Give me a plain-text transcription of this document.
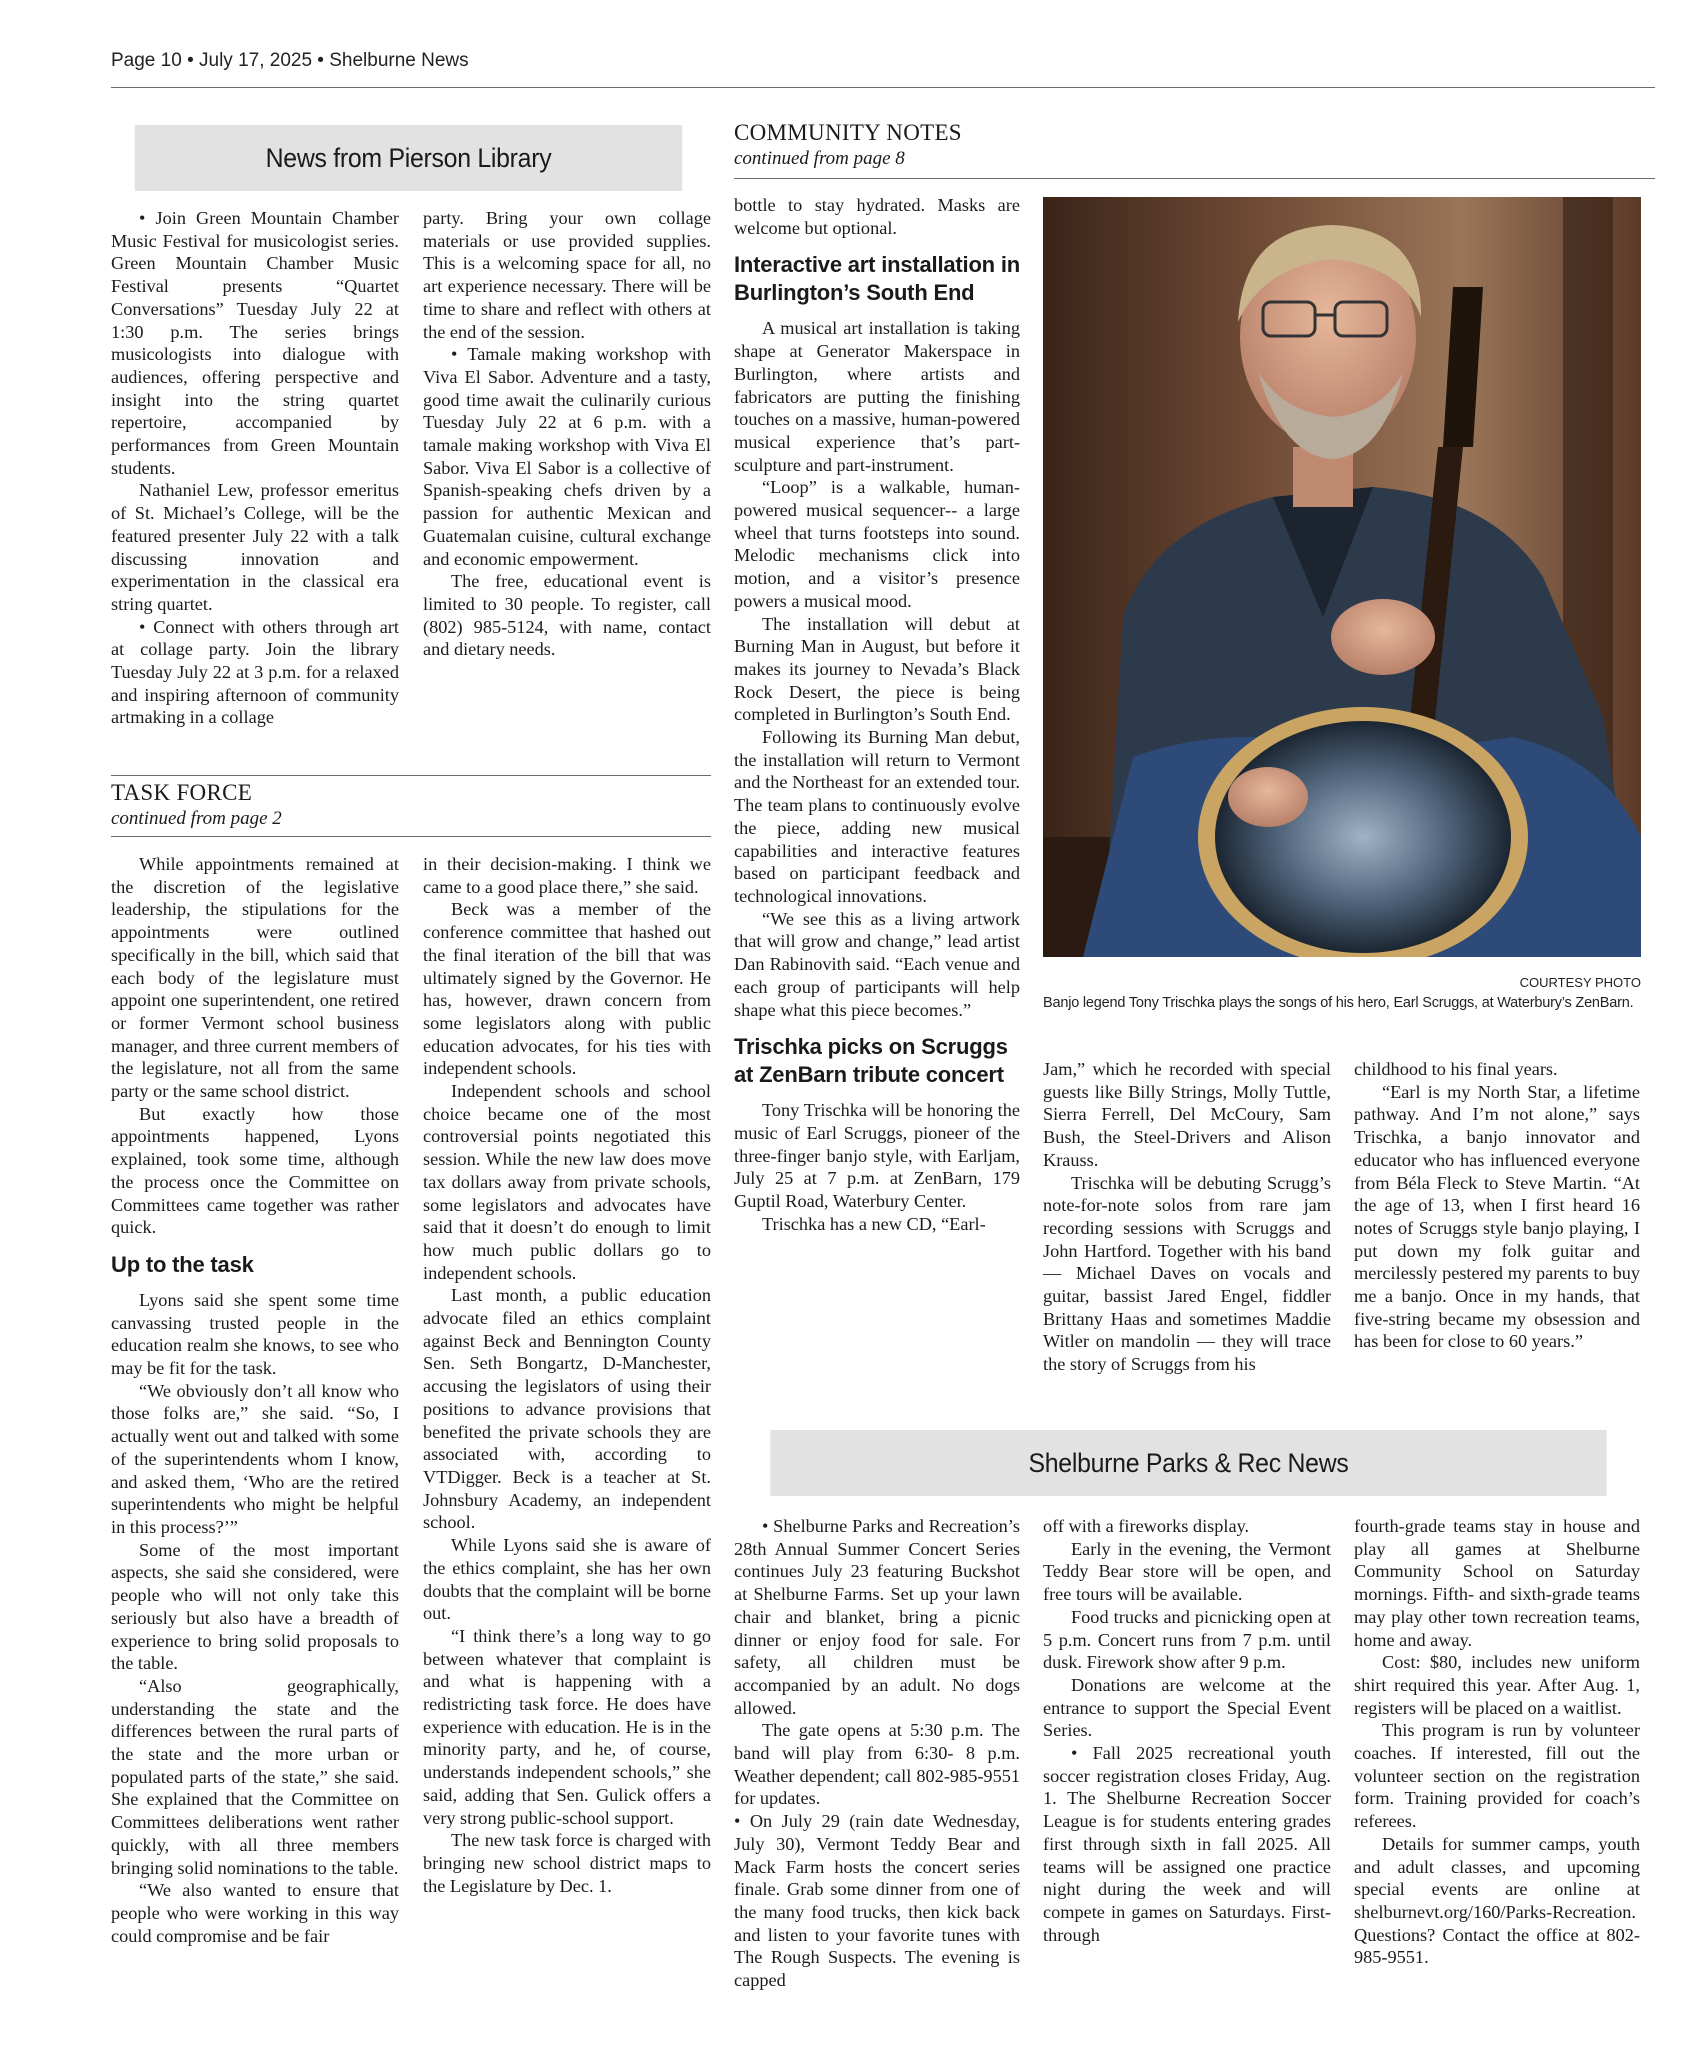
Page 10 • July 17, 2025 • Shelburne News
News from Pierson Library

• Join Green Mountain Chamber Music Festival for musicologist series. Green Mountain Chamber Music Festival presents “Quartet Conversations” Tuesday July 22 at 1:30 p.m. The series brings musicologists into dialogue with audiences, offering perspective and insight into the string quartet repertoire, accompanied by performances from Green Mountain students.

Nathaniel Lew, professor emeritus of St. Michael’s College, will be the featured presenter July 22 with a talk discussing innovation and experimentation in the classical era string quartet.

• Connect with others through art at collage party. Join the library Tuesday July 22 at 3 p.m. for a relaxed and inspiring afternoon of community artmaking in a collage

party. Bring your own collage materials or use provided supplies. This is a welcoming space for all, no art experience necessary. There will be time to share and reflect with others at the end of the session.

• Tamale making workshop with Viva El Sabor. Adventure and a tasty, good time await the culinarily curious Tuesday July 22 at 6 p.m. with a tamale making workshop with Viva El Sabor. Viva El Sabor is a collective of Spanish-speaking chefs driven by a passion for authentic Mexican and Guatemalan cuisine, cultural exchange and economic empowerment.

The free, educational event is limited to 30 people. To register, call (802) 985-5124, with name, contact and dietary needs.

TASK FORCE
continued from page 2

While appointments remained at the discretion of the legislative leadership, the stipulations for the appointments were outlined specifically in the bill, which said that each body of the legislature must appoint one superintendent, one retired or former Vermont school business manager, and three current members of the legislature, not all from the same party or the same school district.

But exactly how those appointments happened, Lyons explained, took some time, although the process once the Committee on Committees came together was rather quick.

Up to the task

Lyons said she spent some time canvassing trusted people in the education realm she knows, to see who may be fit for the task.

“We obviously don’t all know who those folks are,” she said. “So, I actually went out and talked with some of the superintendents whom I know, and asked them, ‘Who are the retired superintendents who might be helpful in this process?’”

Some of the most important aspects, she said she considered, were people who will not only take this seriously but also have a breadth of experience to bring solid proposals to the table.

“Also geographically, understanding the state and the differences between the rural parts of the state and the more urban or populated parts of the state,” she said. She explained that the Committee on Committees deliberations went rather quickly, with all three members bringing solid nominations to the table.

“We also wanted to ensure that people who were working in this way could compromise and be fair

in their decision-making. I think we came to a good place there,” she said.

Beck was a member of the conference committee that hashed out the final iteration of the bill that was ultimately signed by the Governor. He has, however, drawn concern from some legislators along with public education advocates, for his ties with independent schools.

Independent schools and school choice became one of the most controversial points negotiated this session. While the new law does move tax dollars away from private schools, some legislators and advocates have said that it doesn’t do enough to limit how much public dollars go to independent schools.

Last month, a public education advocate filed an ethics complaint against Beck and Bennington County Sen. Seth Bongartz, D-Manchester, accusing the legislators of using their positions to advance provisions that benefited the private schools they are associated with, according to VTDigger. Beck is a teacher at St. Johnsbury Academy, an independent school.

While Lyons said she is aware of the ethics complaint, she has her own doubts that the complaint will be borne out.

“I think there’s a long way to go between whatever that complaint is and what is happening with a redistricting task force. He does have experience with education. He is in the minority party, and he, of course, understands independent schools,” she said, adding that Sen. Gulick offers a very strong public-school support.

The new task force is charged with bringing new school district maps to the Legislature by Dec. 1.

COMMUNITY NOTES
continued from page 8

bottle to stay hydrated. Masks are welcome but optional.

Interactive art installation in Burlington’s South End

A musical art installation is taking shape at Generator Makerspace in Burlington, where artists and fabricators are putting the finishing touches on a massive, human-powered musical experience that’s part-sculpture and part-instrument.

“Loop” is a walkable, human-powered musical sequencer-- a large wheel that turns footsteps into sound. Melodic mechanisms click into motion, and a visitor’s presence powers a musical mood.

The installation will debut at Burning Man in August, but before it makes its journey to Nevada’s Black Rock Desert, the piece is being completed in Burlington’s South End.

Following its Burning Man debut, the installation will return to Vermont and the Northeast for an extended tour. The team plans to continuously evolve the piece, adding new musical capabilities and interactive features based on participant feedback and technological innovations.

“We see this as a living artwork that will grow and change,” lead artist Dan Rabinovith said. “Each venue and each group of participants will help shape what this piece becomes.”

Trischka picks on Scruggs at ZenBarn tribute concert

Tony Trischka will be honoring the music of Earl Scruggs, pioneer of the three-finger banjo style, with Earljam, July 25 at 7 p.m. at ZenBarn, 179 Guptil Road, Waterbury Center.

Trischka has a new CD, “Earl-

COURTESY PHOTO
Banjo legend Tony Trischka plays the songs of his hero, Earl Scruggs, at Waterbury’s ZenBarn.

Jam,” which he recorded with special guests like Billy Strings, Molly Tuttle, Sierra Ferrell, Del McCoury, Sam Bush, the Steel-Drivers and Alison Krauss.

Trischka will be debuting Scrugg’s note-for-note solos from rare jam recording sessions with Scruggs and John Hartford. Together with his band — Michael Daves on vocals and guitar, bassist Jared Engel, fiddler Brittany Haas and sometimes Maddie Witler on mandolin — they will trace the story of Scruggs from his

childhood to his final years.

“Earl is my North Star, a lifetime pathway. And I’m not alone,” says Trischka, a banjo innovator and educator who has influenced everyone from Béla Fleck to Steve Martin. “At the age of 13, when I first heard 16 notes of Scruggs style banjo playing, I put down my folk guitar and mercilessly pestered my parents to buy me a banjo. Once in my hands, that five-string became my obsession and has been for close to 60 years.”

Shelburne Parks & Rec News

• Shelburne Parks and Recreation’s 28th Annual Summer Concert Series continues July 23 featuring Buckshot at Shelburne Farms. Set up your lawn chair and blanket, bring a picnic dinner or enjoy food for sale. For safety, all children must be accompanied by an adult. No dogs allowed.

The gate opens at 5:30 p.m. The band will play from 6:30- 8 p.m. Weather dependent; call 802-985-9551 for updates.

• On July 29 (rain date Wednesday, July 30), Vermont Teddy Bear and Mack Farm hosts the concert series finale. Grab some dinner from one of the many food trucks, then kick back and listen to your favorite tunes with The Rough Suspects. The evening is capped

off with a fireworks display.

Early in the evening, the Vermont Teddy Bear store will be open, and free tours will be available.

Food trucks and picnicking open at 5 p.m. Concert runs from 7 p.m. until dusk. Firework show after 9 p.m.

Donations are welcome at the entrance to support the Special Event Series.

• Fall 2025 recreational youth soccer registration closes Friday, Aug. 1. The Shelburne Recreation Soccer League is for students entering grades first through sixth in fall 2025. All teams will be assigned one practice night during the week and will compete in games on Saturdays. First- through

fourth-grade teams stay in house and play all games at Shelburne Community School on Saturday mornings. Fifth- and sixth-grade teams may play other town recreation teams, home and away.

Cost: $80, includes new uniform shirt required this year. After Aug. 1, registers will be placed on a waitlist.

This program is run by volunteer coaches. If interested, fill out the volunteer section on the registration form. Training provided for coach’s referees.

Details for summer camps, youth and adult classes, and upcoming special events are online at shelburnevt.org/160/Parks-Recreation. Questions? Contact the office at 802-985-9551.
